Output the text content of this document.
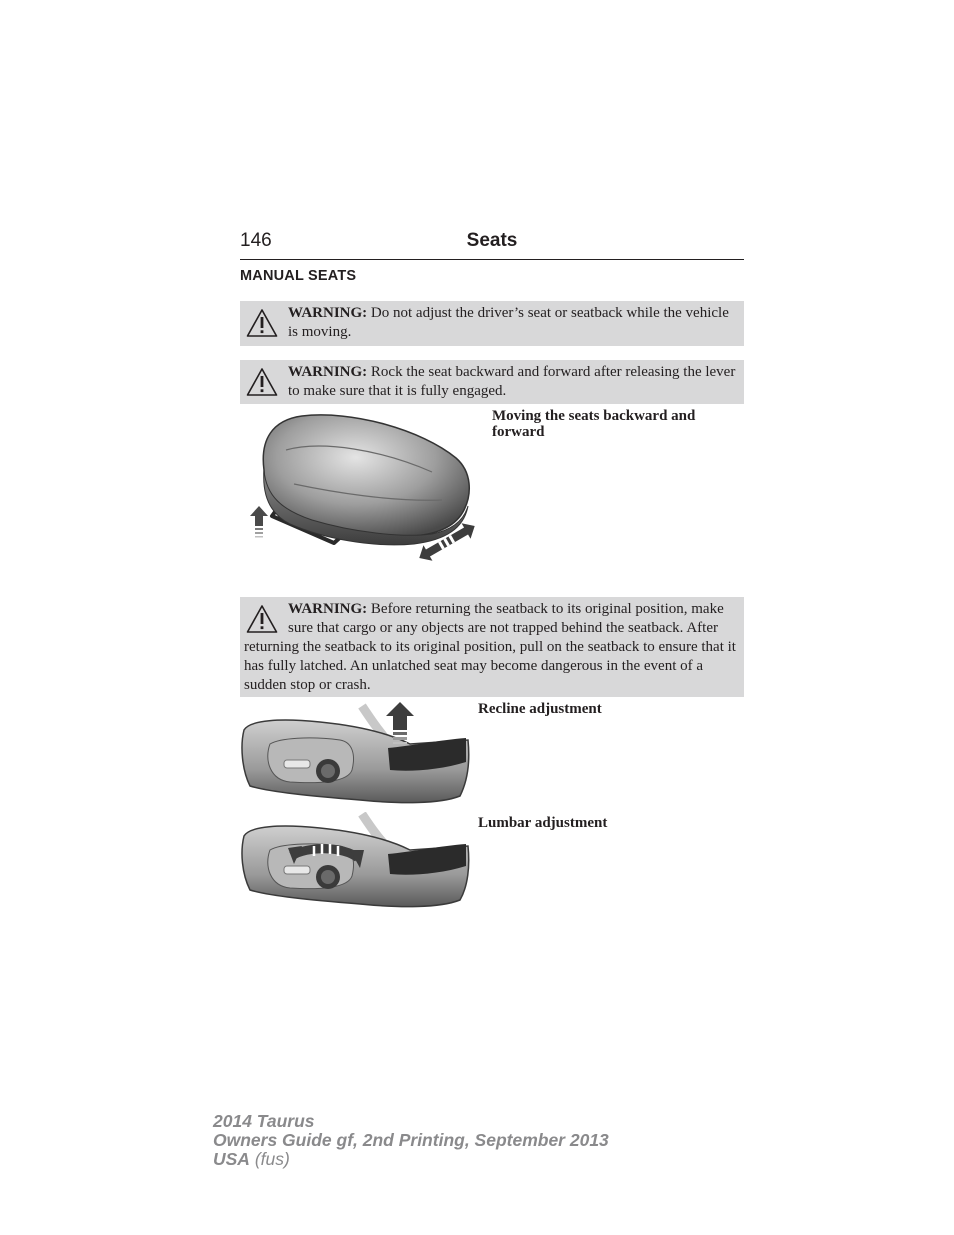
146	Seats
MANUAL SEATS
WARNING: Do not adjust the driver’s seat or seatback while the vehicle is moving.
WARNING: Rock the seat backward and forward after releasing the lever to make sure that it is fully engaged.
Moving the seats backward and forward
WARNING: Before returning the seatback to its original position, make sure that cargo or any objects are not trapped behind the seatback. After returning the seatback to its original position, pull on the seatback to ensure that it has fully latched. An unlatched seat may become dangerous in the event of a sudden stop or crash.
Recline adjustment
Lumbar adjustment
2014 Taurus
Owners Guide gf, 2nd Printing, September 2013
USA (fus)
